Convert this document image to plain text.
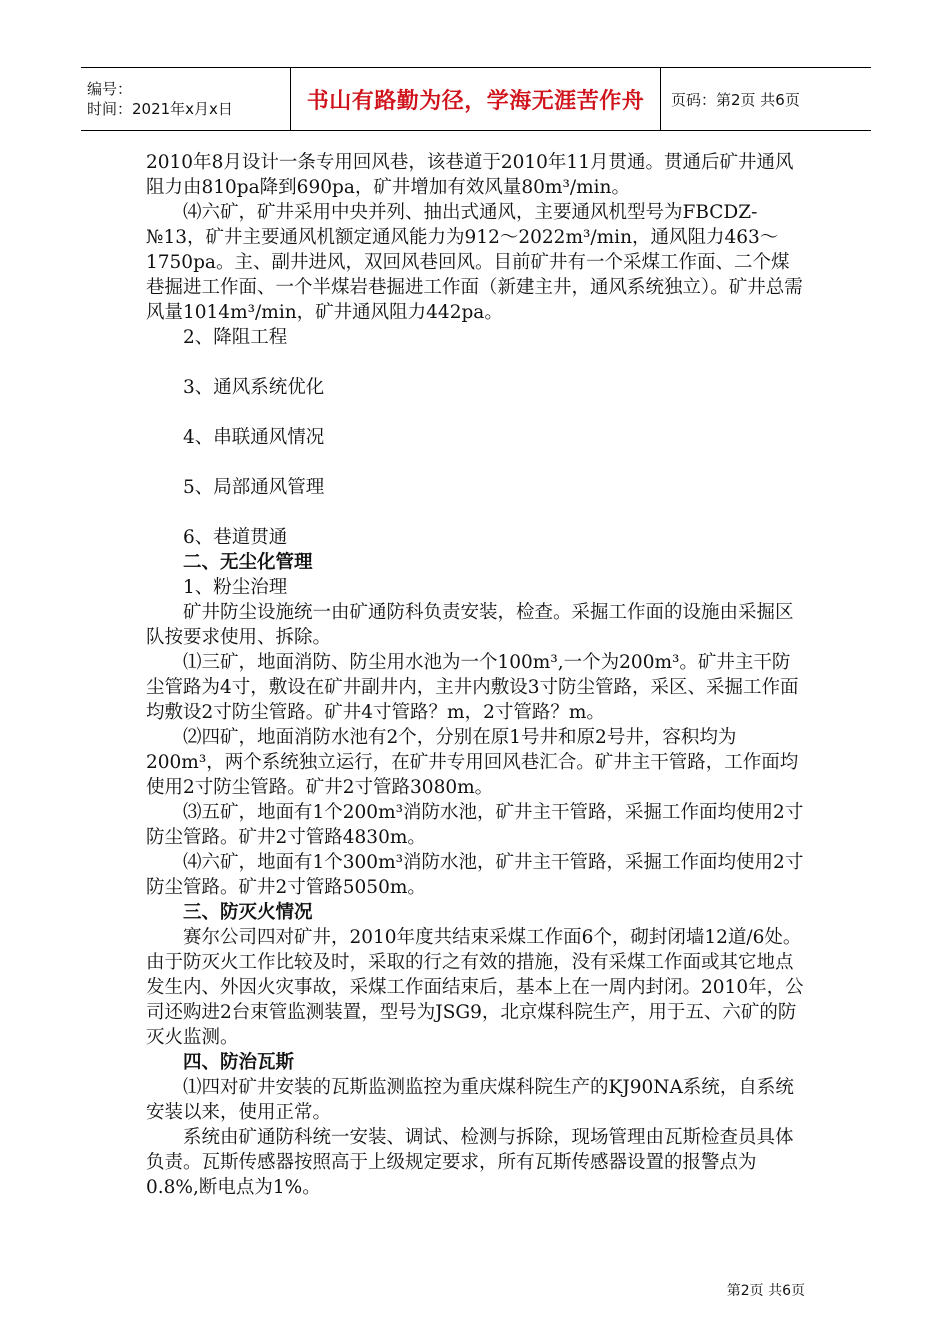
编号：
时间：2021年x月x日	书山有路勤为径，学海无涯苦作舟 页码：第2页 共6页

2010年8月设计一条专用回风巷，该巷道于2010年11月贯通。贯通后矿井通风阻力由810pa降到690pa，矿井增加有效风量80m³/min。

⑷六矿，矿井采用中央并列、抽出式通风，主要通风机型号为FBCDZ-№13，矿井主要通风机额定通风能力为912～2022m³/min，通风阻力463～1750pa。主、副井进风，双回风巷回风。目前矿井有一个采煤工作面、二个煤巷掘进工作面、一个半煤岩巷掘进工作面（新建主井，通风系统独立）。矿井总需风量1014m³/min，矿井通风阻力442pa。

2、降阻工程

3、通风系统优化

4、串联通风情况

5、局部通风管理

6、巷道贯通

二、无尘化管理

1、粉尘治理

矿井防尘设施统一由矿通防科负责安装，检查。采掘工作面的设施由采掘区队按要求使用、拆除。

⑴三矿，地面消防、防尘用水池为一个100m³,一个为200m³。矿井主干防尘管路为4寸，敷设在矿井副井内，主井内敷设3寸防尘管路，采区、采掘工作面均敷设2寸防尘管路。矿井4寸管路？m，2寸管路？m。

⑵四矿，地面消防水池有2个，分别在原1号井和原2号井，容积均为200m³，两个系统独立运行，在矿井专用回风巷汇合。矿井主干管路，工作面均使用2寸防尘管路。矿井2寸管路3080m。

⑶五矿，地面有1个200m³消防水池，矿井主干管路，采掘工作面均使用2寸防尘管路。矿井2寸管路4830m。

⑷六矿，地面有1个300m³消防水池，矿井主干管路，采掘工作面均使用2寸防尘管路。矿井2寸管路5050m。

三、防灭火情况

赛尔公司四对矿井，2010年度共结束采煤工作面6个，砌封闭墙12道/6处。由于防灭火工作比较及时，采取的行之有效的措施，没有采煤工作面或其它地点发生内、外因火灾事故，采煤工作面结束后，基本上在一周内封闭。2010年，公司还购进2台束管监测装置，型号为JSG9，北京煤科院生产，用于五、六矿的防灭火监测。

四、防治瓦斯

⑴四对矿井安装的瓦斯监测监控为重庆煤科院生产的KJ90NA系统，自系统安装以来，使用正常。

系统由矿通防科统一安装、调试、检测与拆除，现场管理由瓦斯检查员具体负责。瓦斯传感器按照高于上级规定要求，所有瓦斯传感器设置的报警点为0.8%,断电点为1%。

第2页 共6页
